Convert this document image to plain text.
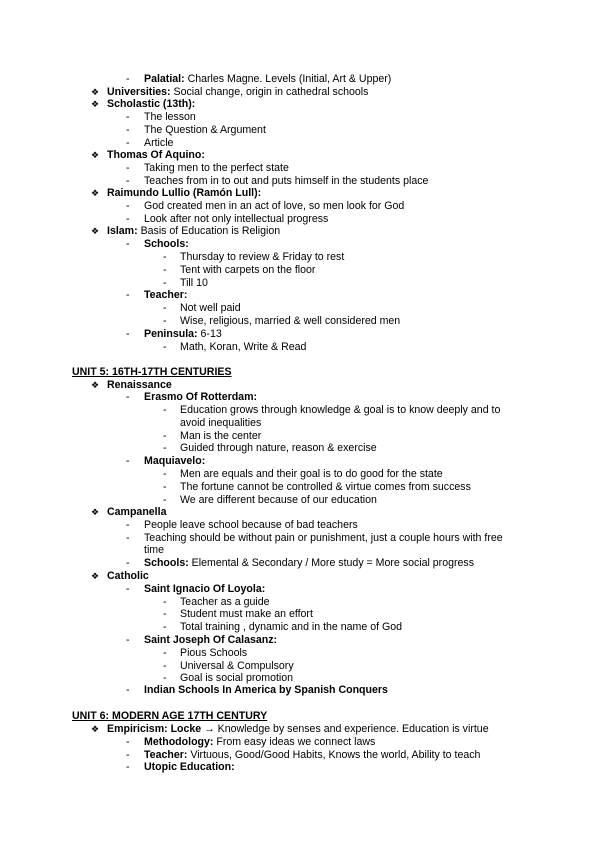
- Palatial: Charles Magne. Levels (Initial, Art & Upper)
❖ Universities: Social change, origin in cathedral schools
❖ Scholastic (13th):
- The lesson
- The Question & Argument
- Article
❖ Thomas Of Aquino:
- Taking men to the perfect state
- Teaches from in to out and puts himself in the students place
❖ Raimundo Lullio (Ramón Lull):
- God created men in an act of love, so men look for God
- Look after not only intellectual progress
❖ Islam: Basis of Education is Religion
- Schools:
- Thursday to review & Friday to rest
- Tent with carpets on the floor
- Till 10
- Teacher:
- Not well paid
- Wise, religious, married & well considered men
- Peninsula: 6-13
- Math, Koran, Write & Read
UNIT 5: 16TH-17TH CENTURIES
❖ Renaissance
- Erasmo Of Rotterdam:
- Education grows through knowledge & goal is to know deeply and to
avoid inequalities
- Man is the center
- Guided through nature, reason & exercise
- Maquiavelo:
- Men are equals and their goal is to do good for the state
- The fortune cannot be controlled & virtue comes from success
- We are different because of our education
❖ Campanella
- People leave school because of bad teachers
- Teaching should be without pain or punishment, just a couple hours with free
time
- Schools: Elemental & Secondary / More study = More social progress
❖ Catholic
- Saint Ignacio Of Loyola:
- Teacher as a guide
- Student must make an effort
- Total training , dynamic and in the name of God
- Saint Joseph Of Calasanz:
- Pious Schools
- Universal & Compulsory
- Goal is social promotion
- Indian Schools In America by Spanish Conquers
UNIT 6: MODERN AGE 17TH CENTURY
❖ Empiricism: Locke → Knowledge by senses and experience. Education is virtue
- Methodology: From easy ideas we connect laws
- Teacher: Virtuous, Good/Good Habits, Knows the world, Ability to teach
- Utopic Education:
